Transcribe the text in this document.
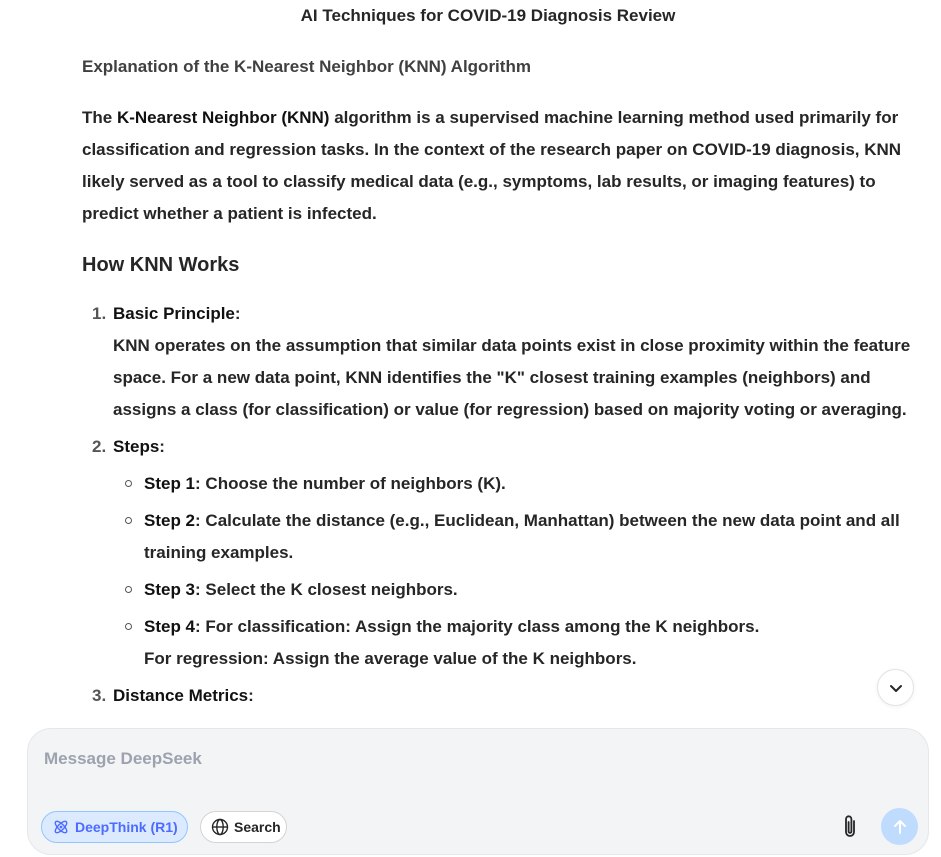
AI Techniques for COVID-19 Diagnosis Review
Explanation of the K-Nearest Neighbor (KNN) Algorithm

The K-Nearest Neighbor (KNN) algorithm is a supervised machine learning method used primarily for classification and regression tasks. In the context of the research paper on COVID-19 diagnosis, KNN likely served as a tool to classify medical data (e.g., symptoms, lab results, or imaging features) to predict whether a patient is infected.

How KNN Works
1. Basic Principle:
KNN operates on the assumption that similar data points exist in close proximity within the feature space. For a new data point, KNN identifies the "K" closest training examples (neighbors) and assigns a class (for classification) or value (for regression) based on majority voting or averaging.
2. Steps:
Step 1: Choose the number of neighbors (K).
Step 2: Calculate the distance (e.g., Euclidean, Manhattan) between the new data point and all training examples.
Step 3: Select the K closest neighbors.
Step 4: For classification: Assign the majority class among the K neighbors.
For regression: Assign the average value of the K neighbors.
3. Distance Metrics:
Message DeepSeek
DeepThink (R1)	Search
